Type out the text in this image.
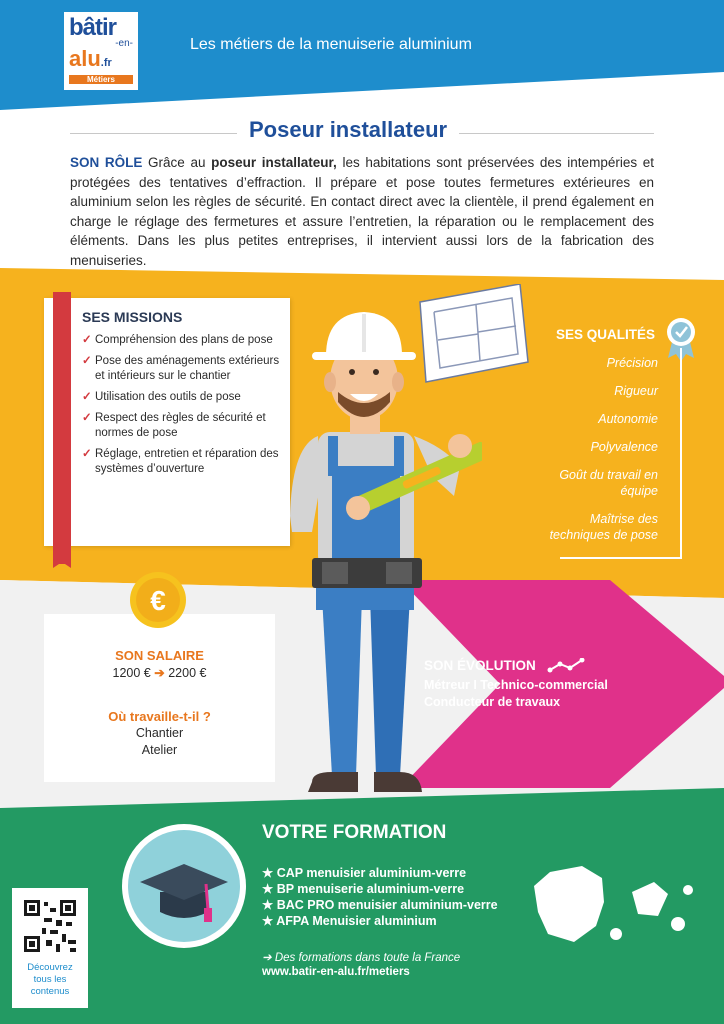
bâtir
-en-
alu.fr
Métiers
Les métiers de la menuiserie aluminium
Poseur installateur
SON RÔLE Grâce au poseur installateur, les habitations sont préservées des intempéries et protégées des tentatives d’effraction. Il prépare et pose toutes fermetures extérieures en aluminium selon les règles de sécurité. En contact direct avec la clientèle, il prend également en charge le réglage des fermetures et assure l’entretien, la réparation ou le remplacement des éléments. Dans les plus petites entreprises, il intervient aussi lors de la fabrication des menuiseries.
SES MISSIONS
✓ Compréhension des plans de pose
✓ Pose des aménagements extérieurs et intérieurs sur le chantier
✓ Utilisation des outils de pose
✓ Respect des règles de sécurité et normes de pose
✓ Réglage, entretien et réparation des systèmes d’ouverture
SES QUALITÉS
Précision
Rigueur
Autonomie
Polyvalence
Goût du travail en équipe
Maîtrise des techniques de pose
€
SON SALAIRE
1200 € ➔ 2200 €
Où travaille-t-il ?
Chantier
Atelier
SON ÉVOLUTION
Métreur I Technico-commercial
Conducteur de travaux
VOTRE FORMATION
★ CAP menuisier aluminium-verre
★ BP menuiserie aluminium-verre
★ BAC PRO menuisier aluminium-verre
★ AFPA Menuisier aluminium
➔ Des formations dans toute la France
www.batir-en-alu.fr/metiers
Découvrez
tous les
contenus
